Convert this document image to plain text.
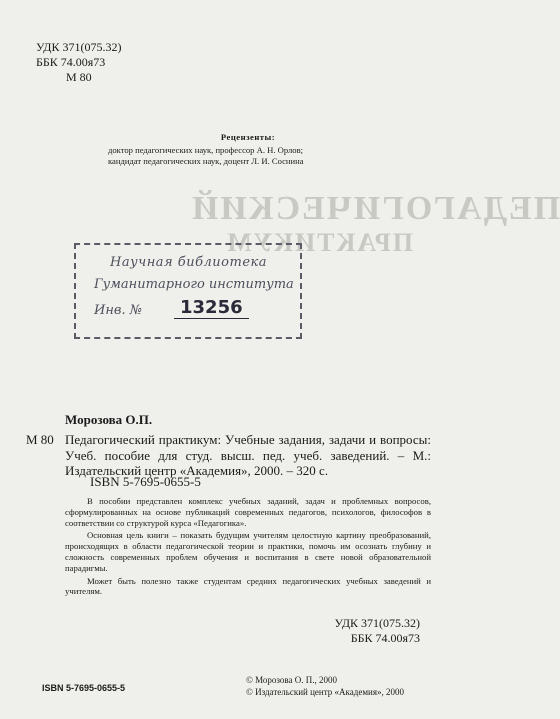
ПЕДАГОГИЧЕСКИЙ
ПРАКТИКУМ
УДК 371(075.32)
ББК 74.00я73
М 80
Рецензенты:
доктор педагогических наук, профессор А. Н. Орлов;
кандидат педагогических наук, доцент Л. И. Соснина
Научная библиотека
Гуманитарного института
Инв. №	13256
Морозова О.П.
М 80 Педагогический практикум: Учебные задания, задачи и вопросы: Учеб. пособие для студ. высш. пед. учеб. заведений. – М.: Издательский центр «Академия», 2000. – 320 с.
ISBN 5-7695-0655-5

В пособии представлен комплекс учебных заданий, задач и проблемных вопросов, сформулированных на основе публикаций современных педагогов, психологов, философов в соответствии со структурой курса «Педагогика».

Основная цель книги – показать будущим учителям целостную картину преобразований, происходящих в области педагогической теории и практики, помочь им осознать глубину и сложность современных проблем обучения и воспитания в свете новой образовательной парадигмы.

Может быть полезно также студентам средних педагогических учебных заведений и учителям.

УДК 371(075.32)
ББК 74.00я73
ISBN 5-7695-0655-5
© Морозова О. П., 2000
© Издательский центр «Академия», 2000
